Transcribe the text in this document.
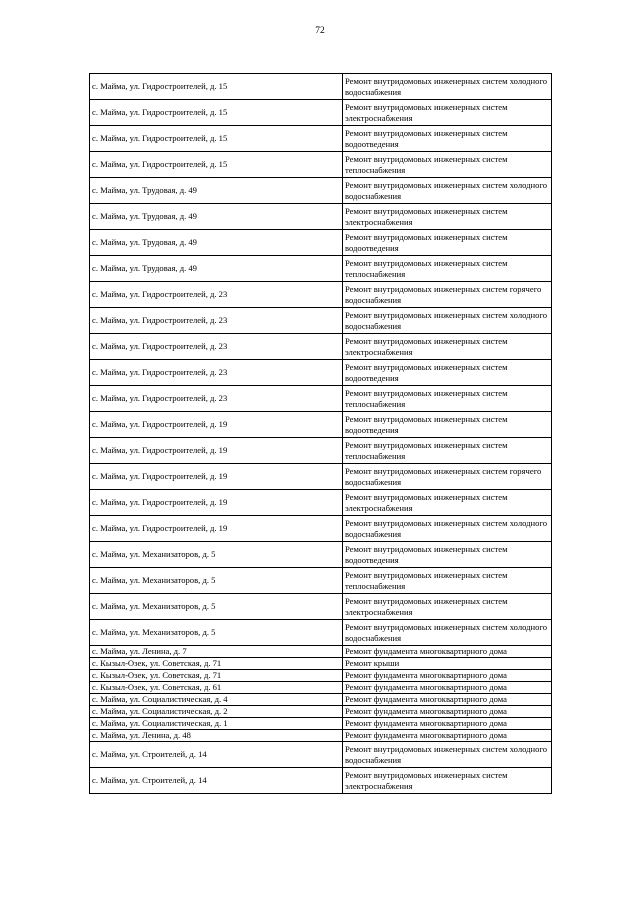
72
с. Майма, ул. Гидростроителей, д. 15	Ремонт внутридомовых инженерных систем холодного водоснабжения
с. Майма, ул. Гидростроителей, д. 15	Ремонт внутридомовых инженерных систем электроснабжения
с. Майма, ул. Гидростроителей, д. 15	Ремонт внутридомовых инженерных систем водоотведения
с. Майма, ул. Гидростроителей, д. 15	Ремонт внутридомовых инженерных систем теплоснабжения
с. Майма, ул. Трудовая, д. 49	Ремонт внутридомовых инженерных систем холодного водоснабжения
с. Майма, ул. Трудовая, д. 49	Ремонт внутридомовых инженерных систем электроснабжения
с. Майма, ул. Трудовая, д. 49	Ремонт внутридомовых инженерных систем водоотведения
с. Майма, ул. Трудовая, д. 49	Ремонт внутридомовых инженерных систем теплоснабжения
с. Майма, ул. Гидростроителей, д. 23	Ремонт внутридомовых инженерных систем горячего водоснабжения
с. Майма, ул. Гидростроителей, д. 23	Ремонт внутридомовых инженерных систем холодного водоснабжения
с. Майма, ул. Гидростроителей, д. 23	Ремонт внутридомовых инженерных систем электроснабжения
с. Майма, ул. Гидростроителей, д. 23	Ремонт внутридомовых инженерных систем водоотведения
с. Майма, ул. Гидростроителей, д. 23	Ремонт внутридомовых инженерных систем теплоснабжения
с. Майма, ул. Гидростроителей, д. 19	Ремонт внутридомовых инженерных систем водоотведения
с. Майма, ул. Гидростроителей, д. 19	Ремонт внутридомовых инженерных систем теплоснабжения
с. Майма, ул. Гидростроителей, д. 19	Ремонт внутридомовых инженерных систем горячего водоснабжения
с. Майма, ул. Гидростроителей, д. 19	Ремонт внутридомовых инженерных систем электроснабжения
с. Майма, ул. Гидростроителей, д. 19	Ремонт внутридомовых инженерных систем холодного водоснабжения
с. Майма, ул. Механизаторов, д. 5	Ремонт внутридомовых инженерных систем водоотведения
с. Майма, ул. Механизаторов, д. 5	Ремонт внутридомовых инженерных систем теплоснабжения
с. Майма, ул. Механизаторов, д. 5	Ремонт внутридомовых инженерных систем электроснабжения
с. Майма, ул. Механизаторов, д. 5	Ремонт внутридомовых инженерных систем холодного водоснабжения
с. Майма, ул. Ленина, д. 7	Ремонт фундамента многоквартирного дома
с. Кызыл-Озек, ул. Советская, д. 71	Ремонт крыши
с. Кызыл-Озек, ул. Советская, д. 71	Ремонт фундамента многоквартирного дома
с. Кызыл-Озек, ул. Советская, д. 61	Ремонт фундамента многоквартирного дома
с. Майма, ул. Социалистическая, д. 4	Ремонт фундамента многоквартирного дома
с. Майма, ул. Социалистическая, д. 2	Ремонт фундамента многоквартирного дома
с. Майма, ул. Социалистическая, д. 1	Ремонт фундамента многоквартирного дома
с. Майма, ул. Ленина, д. 48	Ремонт фундамента многоквартирного дома
с. Майма, ул. Строителей, д. 14	Ремонт внутридомовых инженерных систем холодного водоснабжения
с. Майма, ул. Строителей, д. 14	Ремонт внутридомовых инженерных систем электроснабжения
